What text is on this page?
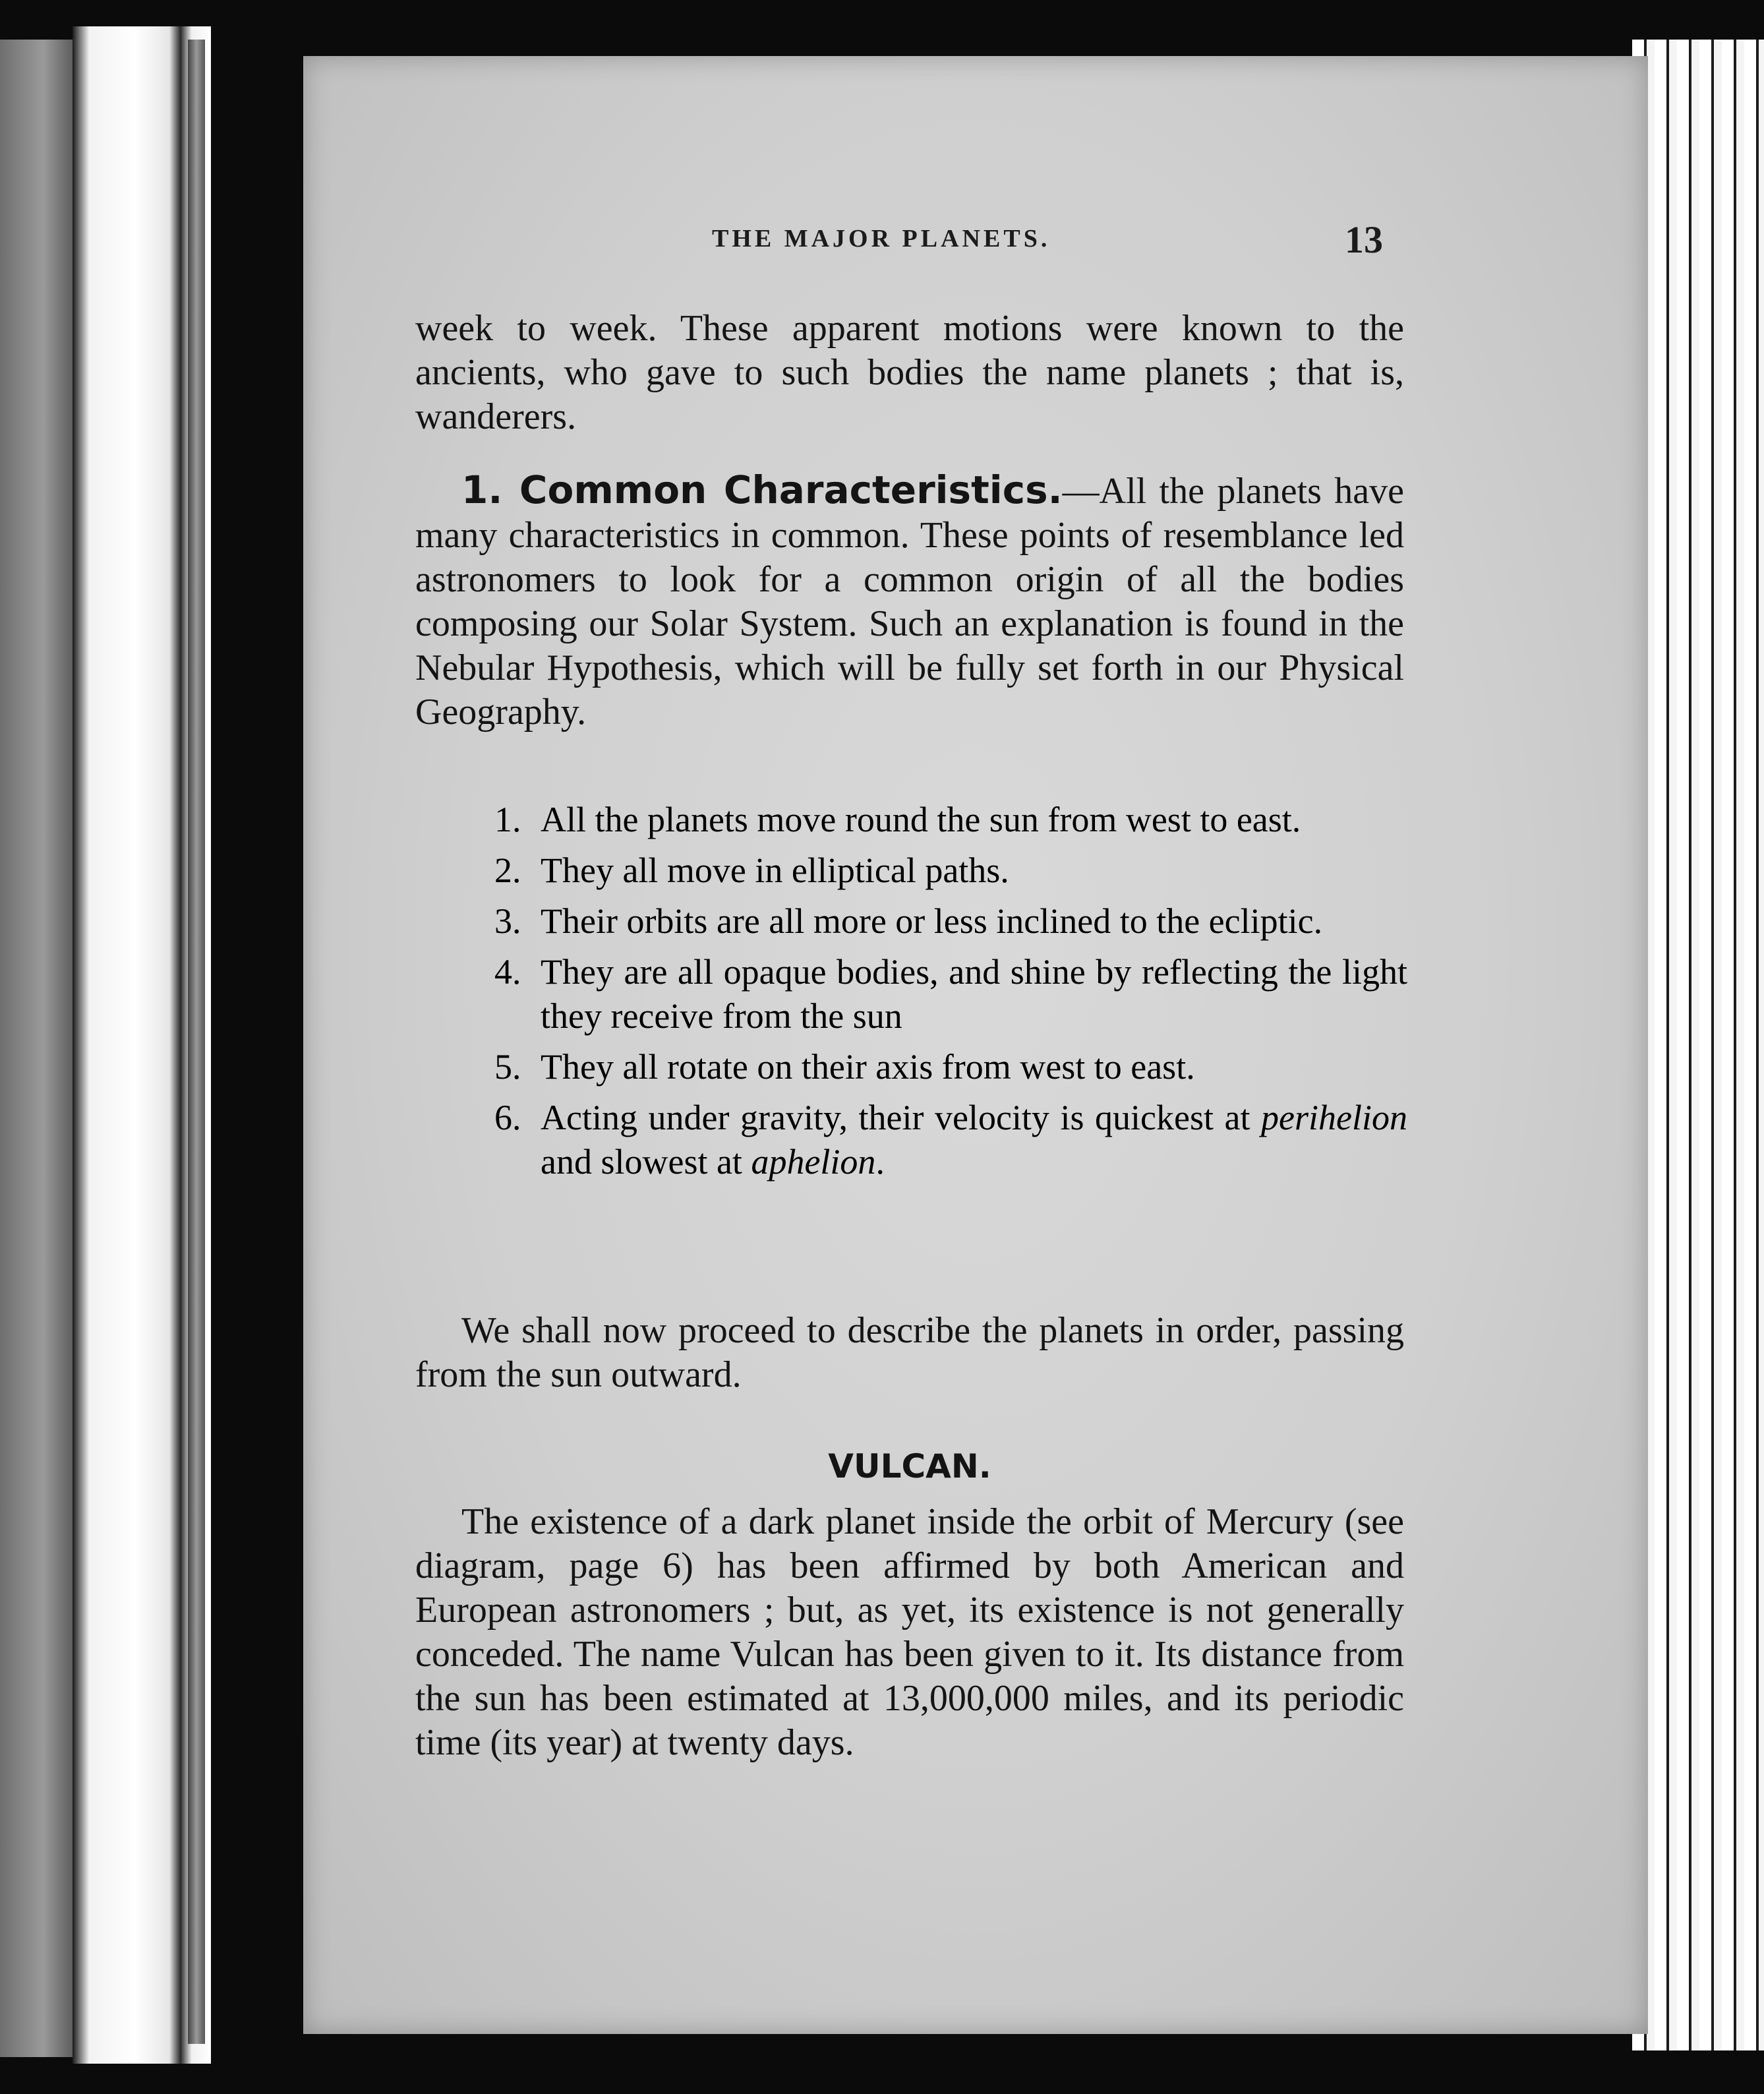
THE MAJOR PLANETS.	13

week to week. These apparent motions were known to the ancients, who gave to such bodies the name planets ; that is, wanderers.

1. Common Characteristics.—All the planets have many characteristics in common. These points of resemblance led astronomers to look for a common origin of all the bodies composing our Solar System. Such an explanation is found in the Nebular Hypothesis, which will be fully set forth in our Physical Geography.

1. All the planets move round the sun from west to east.
2. They all move in elliptical paths.
3. Their orbits are all more or less inclined to the ecliptic.
4. They are all opaque bodies, and shine by reflecting the light they receive from the sun
5. They all rotate on their axis from west to east.
6. Acting under gravity, their velocity is quickest at perihelion and slowest at aphelion.

We shall now proceed to describe the planets in order, passing from the sun outward.

VULCAN.

The existence of a dark planet inside the orbit of Mercury (see diagram, page 6) has been affirmed by both American and European astronomers ; but, as yet, its existence is not generally conceded. The name Vulcan has been given to it. Its distance from the sun has been estimated at 13,000,000 miles, and its periodic time (its year) at twenty days.
